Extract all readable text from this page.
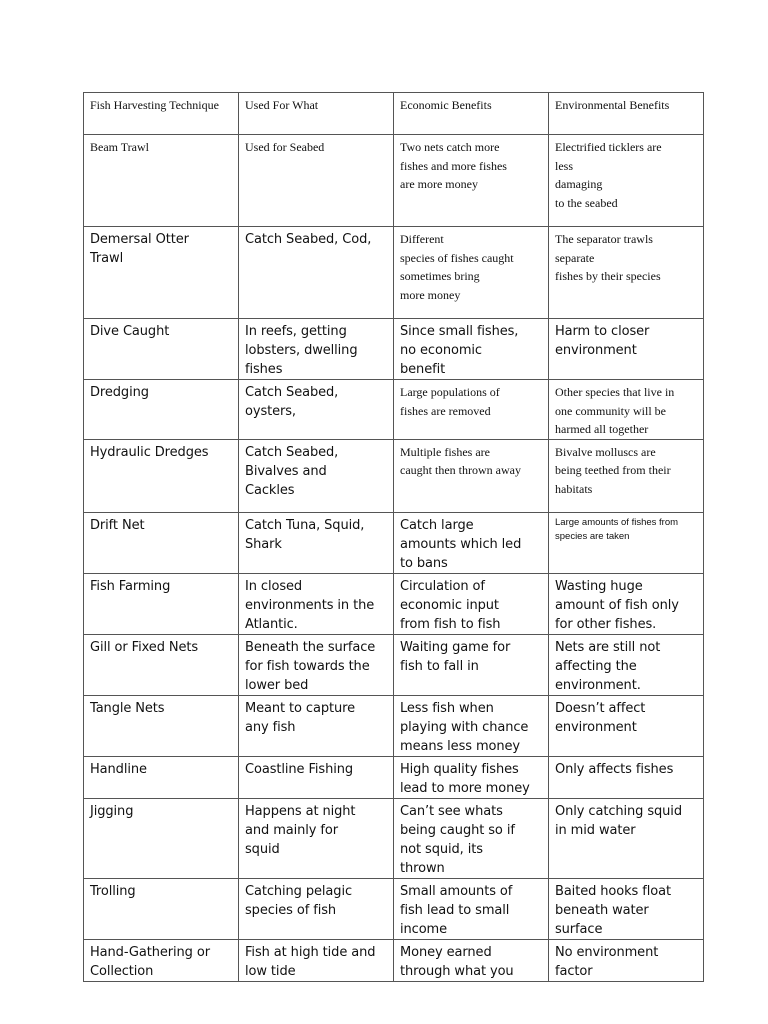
Fish Harvesting Technique	Used For What	Economic Benefits	Environmental Benefits
Beam Trawl	Used for Seabed	Two nets catch more
fishes and more fishes
are more money	Electrified ticklers are
less
damaging
to the seabed
Demersal Otter
Trawl	Catch Seabed, Cod,	Different
species of fishes caught
sometimes bring
more money	The separator trawls
separate
fishes by their species
Dive Caught	In reefs, getting
lobsters, dwelling
fishes	Since small fishes,
no economic
benefit	Harm to closer
environment
Dredging	Catch Seabed,
oysters,	Large populations of
fishes are removed	Other species that live in
one community will be
harmed all together
Hydraulic Dredges	Catch Seabed,
Bivalves and
Cackles	Multiple fishes are
caught then thrown away	Bivalve molluscs are
being teethed from their
habitats
Drift Net	Catch Tuna, Squid,
Shark	Catch large
amounts which led
to bans	Large amounts of fishes from
species are taken
Fish Farming	In closed
environments in the
Atlantic.	Circulation of
economic input
from fish to fish	Wasting huge
amount of fish only
for other fishes.
Gill or Fixed Nets	Beneath the surface
for fish towards the
lower bed	Waiting game for
fish to fall in	Nets are still not
affecting the
environment.
Tangle Nets	Meant to capture
any fish	Less fish when
playing with chance
means less money	Doesn’t affect
environment
Handline	Coastline Fishing	High quality fishes
lead to more money	Only affects fishes
Jigging	Happens at night
and mainly for
squid	Can’t see whats
being caught so if
not squid, its
thrown	Only catching squid
in mid water
Trolling	Catching pelagic
species of fish	Small amounts of
fish lead to small
income	Baited hooks float
beneath water
surface
Hand-Gathering or
Collection	Fish at high tide and
low tide	Money earned
through what you	No environment
factor
